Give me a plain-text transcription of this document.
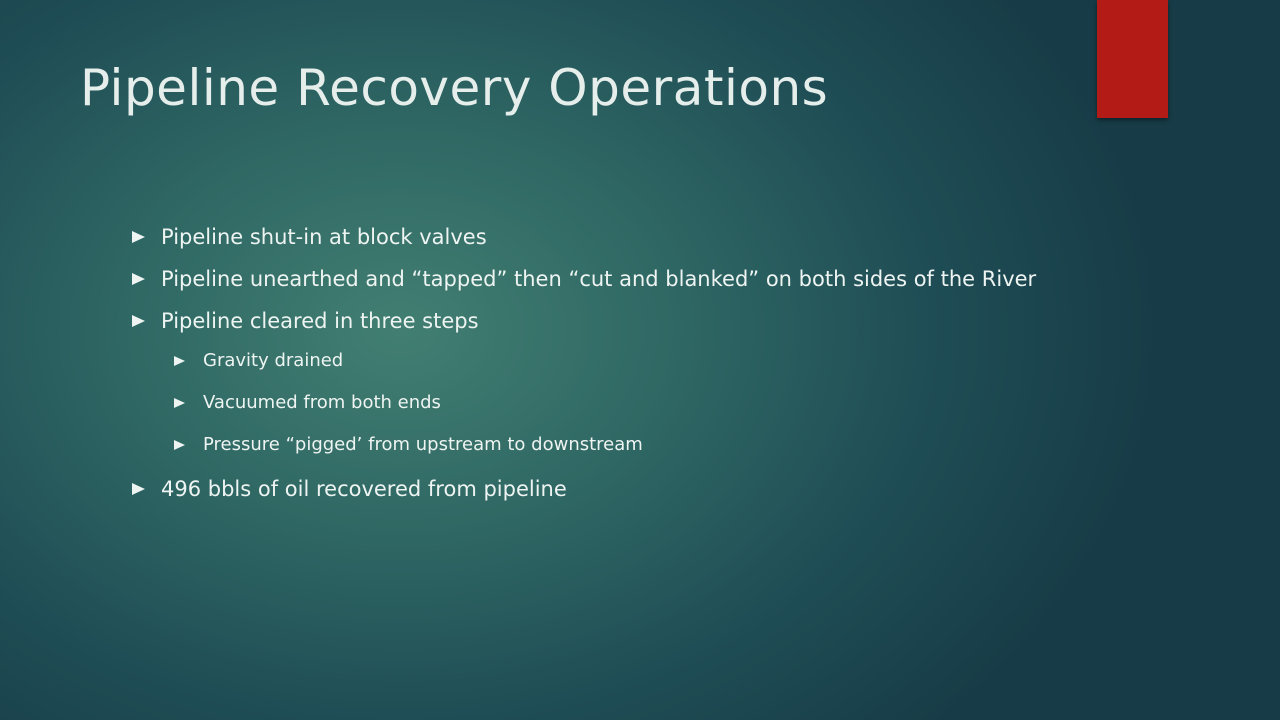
Pipeline Recovery Operations
Pipeline shut-in at block valves
Pipeline unearthed and “tapped” then “cut and blanked” on both sides of the River
Pipeline cleared in three steps
Gravity drained
Vacuumed from both ends
Pressure “pigged’ from upstream to downstream
496 bbls of oil recovered from pipeline
